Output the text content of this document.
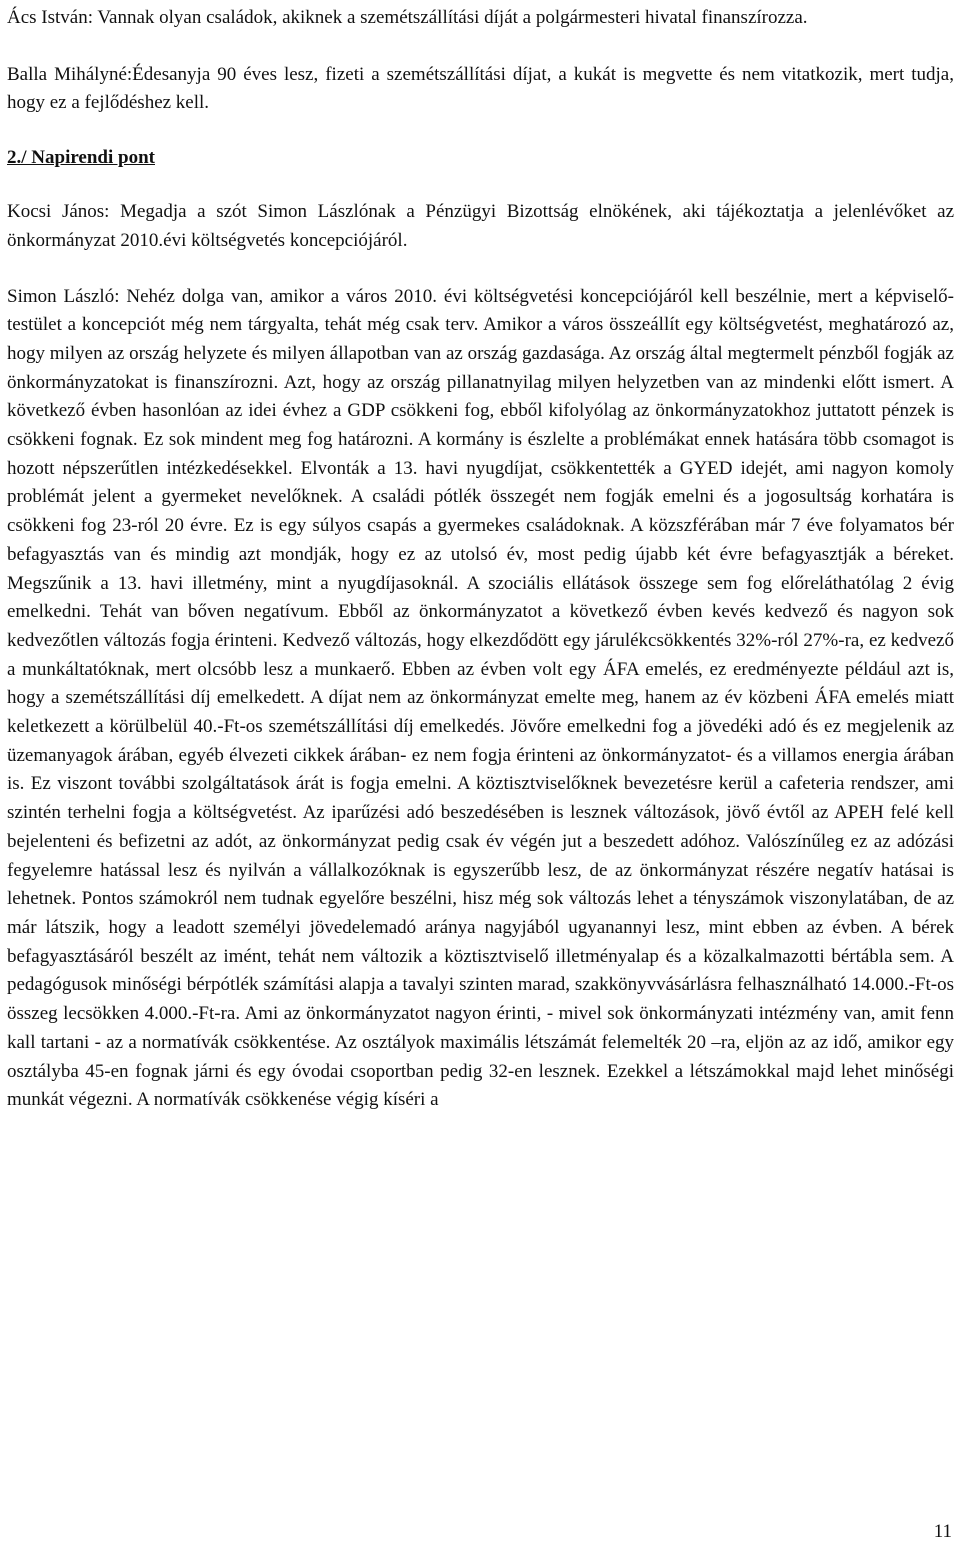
Ács István: Vannak olyan családok, akiknek a szemétszállítási díját a polgármesteri hivatal finanszírozza.

Balla Mihályné:Édesanyja 90 éves lesz, fizeti a szemétszállítási díjat, a kukát is megvette és nem vitatkozik, mert tudja, hogy ez a fejlődéshez kell.

2./ Napirendi pont

Kocsi János: Megadja a szót Simon Lászlónak a Pénzügyi Bizottság elnökének, aki tájékoztatja a jelenlévőket az önkormányzat 2010.évi költségvetés koncepciójáról.

Simon László: Nehéz dolga van, amikor a város 2010. évi költségvetési koncepciójáról kell beszélnie, mert a képviselő-testület a koncepciót még nem tárgyalta, tehát még csak terv. Amikor a város összeállít egy költségvetést, meghatározó az, hogy milyen az ország helyzete és milyen állapotban van az ország gazdasága. Az ország által megtermelt pénzből fogják az önkormányzatokat is finanszírozni. Azt, hogy az ország pillanatnyilag milyen helyzetben van az mindenki előtt ismert. A következő évben hasonlóan az idei évhez a GDP csökkeni fog, ebből kifolyólag az önkormányzatokhoz juttatott pénzek is csökkeni fognak. Ez sok mindent meg fog határozni. A kormány is észlelte a problémákat ennek hatására több csomagot is hozott népszerűtlen intézkedésekkel. Elvonták a 13. havi nyugdíjat, csökkentették a GYED idejét, ami nagyon komoly problémát jelent a gyermeket nevelőknek. A családi pótlék összegét nem fogják emelni és a jogosultság korhatára is csökkeni fog 23-ról 20 évre. Ez is egy súlyos csapás a gyermekes családoknak. A közszférában már 7 éve folyamatos bér befagyasztás van és mindig azt mondják, hogy ez az utolsó év, most pedig újabb két évre befagyasztják a béreket. Megszűnik a 13. havi illetmény, mint a nyugdíjasoknál. A szociális ellátások összege sem fog előreláthatólag 2 évig emelkedni. Tehát van bőven negatívum. Ebből az önkormányzatot a következő évben kevés kedvező és nagyon sok kedvezőtlen változás fogja érinteni. Kedvező változás, hogy elkezdődött egy járulékcsökkentés 32%-ról 27%-ra, ez kedvező a munkáltatóknak, mert olcsóbb lesz a munkaerő. Ebben az évben volt egy ÁFA emelés, ez eredményezte például azt is, hogy a szemétszállítási díj emelkedett. A díjat nem az önkormányzat emelte meg, hanem az év közbeni ÁFA emelés miatt keletkezett a körülbelül 40.-Ft-os szemétszállítási díj emelkedés. Jövőre emelkedni fog a jövedéki adó és ez megjelenik az üzemanyagok árában, egyéb élvezeti cikkek árában- ez nem fogja érinteni az önkormányzatot- és a villamos energia árában is. Ez viszont további szolgáltatások árát is fogja emelni. A köztisztviselőknek bevezetésre kerül a cafeteria rendszer, ami szintén terhelni fogja a költségvetést. Az iparűzési adó beszedésében is lesznek változások, jövő évtől az APEH felé kell bejelenteni és befizetni az adót, az önkormányzat pedig csak év végén jut a beszedett adóhoz. Valószínűleg ez az adózási fegyelemre hatással lesz és nyilván a vállalkozóknak is egyszerűbb lesz, de az önkormányzat részére negatív hatásai is lehetnek. Pontos számokról nem tudnak egyelőre beszélni, hisz még sok változás lehet a tényszámok viszonylatában, de az már látszik, hogy a leadott személyi jövedelemadó aránya nagyjából ugyanannyi lesz, mint ebben az évben. A bérek befagyasztásáról beszélt az imént, tehát nem változik a köztisztviselő illetményalap és a közalkalmazotti bértábla sem. A pedagógusok minőségi bérpótlék számítási alapja a tavalyi szinten marad, szakkönyvvásárlásra felhasználható 14.000.-Ft-os összeg lecsökken 4.000.-Ft-ra. Ami az önkormányzatot nagyon érinti, - mivel sok önkormányzati intézmény van, amit fenn kall tartani - az a normatívák csökkentése. Az osztályok maximális létszámát felemelték 20 –ra, eljön az az idő, amikor egy osztályba 45-en fognak járni és egy óvodai csoportban pedig 32-en lesznek. Ezekkel a létszámokkal majd lehet minőségi munkát végezni. A normatívák csökkenése végig kíséri a

11
